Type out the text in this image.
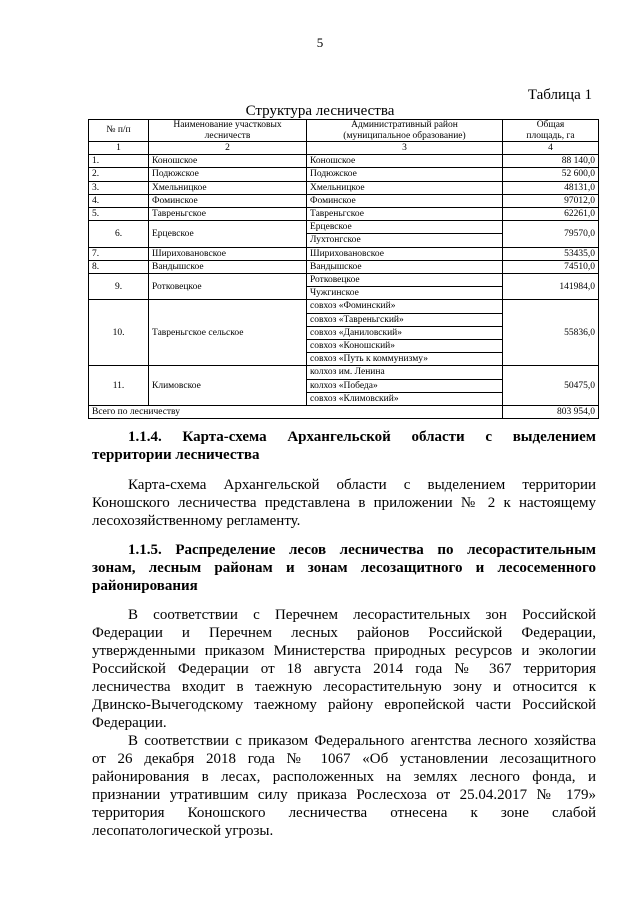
5
Таблица 1
Структура лесничества
№ п/п	Наименование участковых лесничеств	Административный район (муниципальное образование)	Общая площадь, га
1	2	3	4
1.	Коношское	Коношское	88 140,0
2.	Подюжское	Подюжское	52 600,0
3.	Хмельницкое	Хмельницкое	48131,0
4.	Фоминское	Фоминское	97012,0
5.	Тавреньгское	Тавреньгское	62261,0
6.	Ерцевское	Ерцевское	79570,0
		Лухтонгское	
7.	Шириховановское	Шириховановское	53435,0
8.	Вандышское	Вандышское	74510,0
9.	Ротковецкое	Ротковецкое	141984,0
		Чужгинское	
10.	Тавреньгское сельское	совхоз «Фоминский»	55836,0
		совхоз «Тавреньгский»	
		совхоз «Даниловский»	
		совхоз «Коношский»	
		совхоз «Путь к коммунизму»	
11.	Климовское	колхоз им. Ленина	50475,0
		колхоз «Победа»	
		совхоз «Климовский»	
Всего по лесничеству			803 954,0
1.1.4. Карта-схема Архангельской области с выделением
территории лесничества
Карта-схема Архангельской области с выделением территории
Коношского лесничества представлена в приложении № 2 к настоящему
лесохозяйственному регламенту.
1.1.5. Распределение лесов лесничества по лесорастительным
зонам, лесным районам и зонам лесозащитного и лесосеменного
районирования
В соответствии с Перечнем лесорастительных зон Российской
Федерации и Перечнем лесных районов Российской Федерации,
утвержденными приказом Министерства природных ресурсов и экологии
Российской Федерации от 18 августа 2014 года № 367 территория
лесничества входит в таежную лесорастительную зону и относится к
Двинско-Вычегодскому таежному району европейской части Российской
Федерации.
В соответствии с приказом Федерального агентства лесного хозяйства
от 26 декабря 2018 года № 1067 «Об установлении лесозащитного
районирования в лесах, расположенных на землях лесного фонда, и
признании утратившим силу приказа Рослесхоза от 25.04.2017 № 179»
территория Коношского лесничества отнесена к зоне слабой
лесопатологической угрозы.
